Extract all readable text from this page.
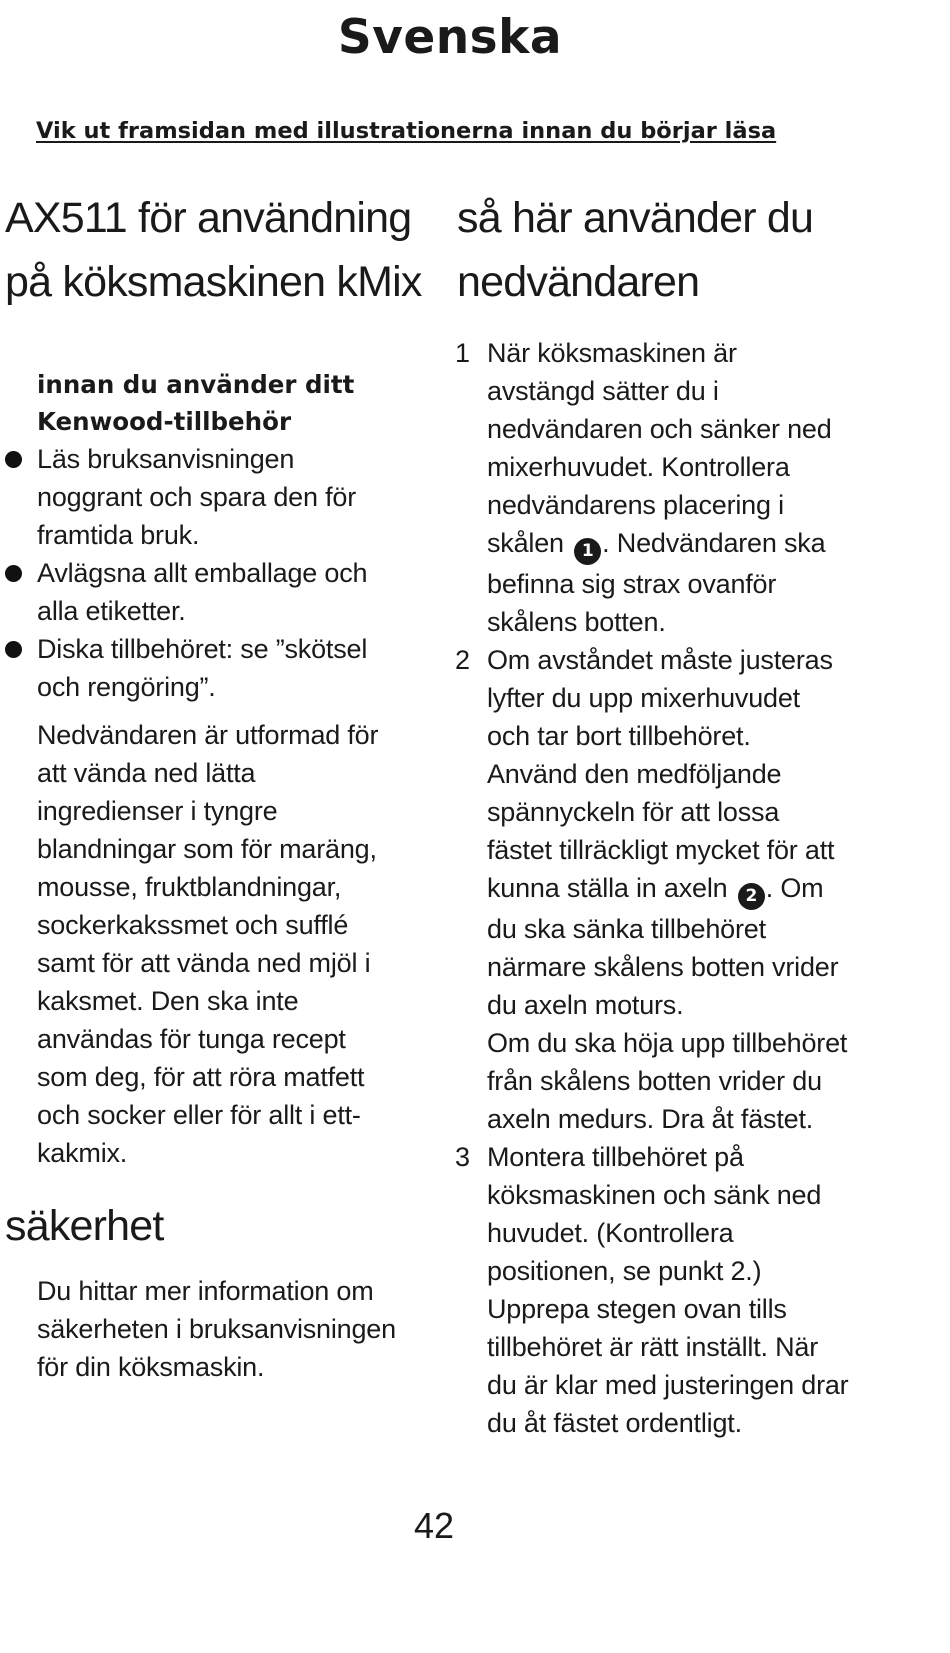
Svenska

Vik ut framsidan med illustrationerna innan du börjar läsa

AX511 för användning
på köksmaskinen kMix
innan du använder ditt
Kenwood-tillbehör
Läs bruksanvisningen
noggrant och spara den för
framtida bruk.
Avlägsna allt emballage och
alla etiketter.
Diska tillbehöret: se ”skötsel
och rengöring”.

Nedvändaren är utformad för
att vända ned lätta
ingredienser i tyngre
blandningar som för maräng,
mousse, fruktblandningar,
sockerkakssmet och sufflé
samt för att vända ned mjöl i
kaksmet. Den ska inte
användas för tunga recept
som deg, för att röra matfett
och socker eller för allt i ett-
kakmix.

säkerhet

Du hittar mer information om
säkerheten i bruksanvisningen
för din köksmaskin.

så här använder du
nedvändaren
1 När köksmaskinen är
avstängd sätter du i
nedvändaren och sänker ned
mixerhuvudet. Kontrollera
nedvändarens placering i
skålen 1 . Nedvändaren ska
befinna sig strax ovanför
skålens botten.
2 Om avståndet måste justeras
lyfter du upp mixerhuvudet
och tar bort tillbehöret.
Använd den medföljande
spännyckeln för att lossa
fästet tillräckligt mycket för att
kunna ställa in axeln 2 . Om
du ska sänka tillbehöret
närmare skålens botten vrider
du axeln moturs.
Om du ska höja upp tillbehöret
från skålens botten vrider du
axeln medurs. Dra åt fästet.
3 Montera tillbehöret på
köksmaskinen och sänk ned
huvudet. (Kontrollera
positionen, se punkt 2.)
Upprepa stegen ovan tills
tillbehöret är rätt inställt. När
du är klar med justeringen drar
du åt fästet ordentligt.

42
